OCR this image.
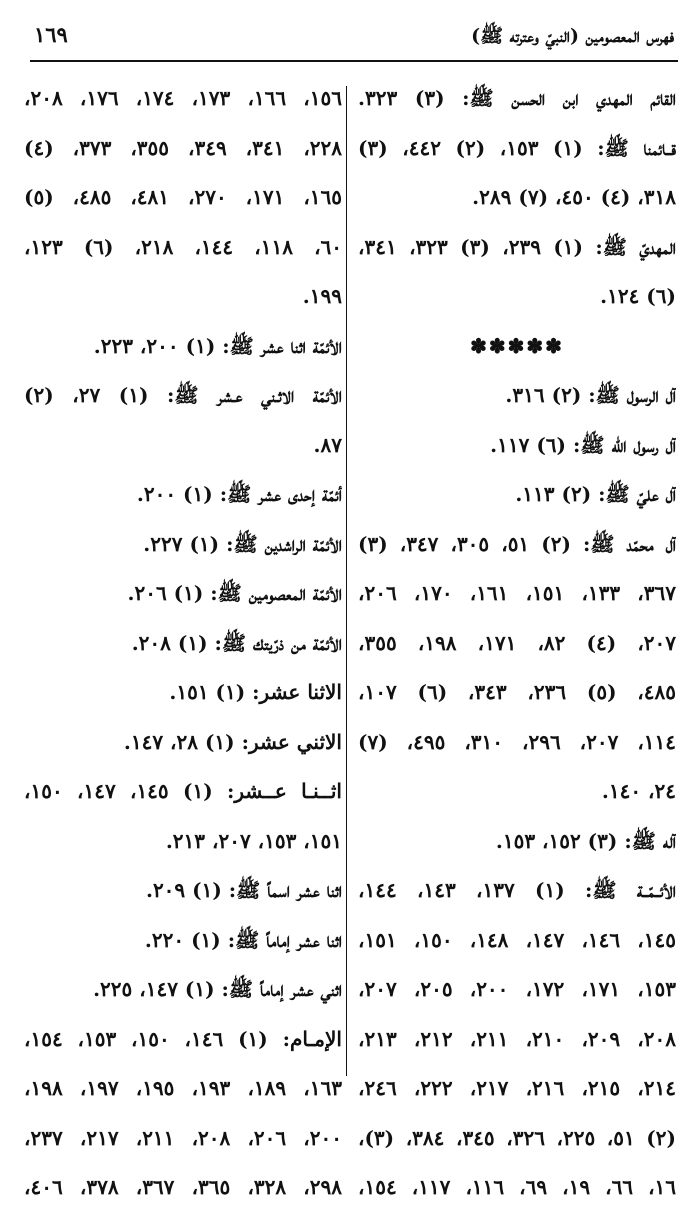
فهرس المعصومين (النبيّ وعترته ﷺ)
١٦٩
القائم المهدي ابن الحسن ﷺ: (٣) ٣٢٣.
قــائمنا ﷺ: (١) ١٥٣، (٢) ٤٤٢، (٣)
٣١٨، (٤) ٤٥٠، (٧) ٢٨٩.
المهديّ ﷺ: (١) ٢٣٩، (٣) ٣٢٣، ٣٤١،
(٦) ١٢٤.
✽✽✽✽✽
آل الرسول ﷺ: (٢) ٣١٦.
آل رسول الله ﷺ: (٦) ١١٧.
آل عليّ ﷺ: (٢) ١١٣.
آل محمّد ﷺ: (٢) ٥١، ٣٠٥، ٣٤٧، (٣)
٣٦٧، ١٣٣، ١٥١، ١٦١، ١٧٠، ٢٠٦،
٢٠٧، (٤) ٨٢، ١٧١، ١٩٨، ٣٥٥،
٤٨٥، (٥) ٢٣٦، ٣٤٣، (٦) ١٠٧،
١١٤، ٢٠٧، ٢٩٦، ٣١٠، ٤٩٥، (٧)
٢٤، ١٤٠.
آله ﷺ: (٣) ١٥٢، ١٥٣.
الأئــمّــة ﷺ: (١) ١٣٧، ١٤٣، ١٤٤،
١٤٥، ١٤٦، ١٤٧، ١٤٨، ١٥٠، ١٥١،
١٥٣، ١٧١، ١٧٢، ٢٠٠، ٢٠٥، ٢٠٧،
٢٠٨، ٢٠٩، ٢١٠، ٢١١، ٢١٢، ٢١٣،
٢١٤، ٢١٥، ٢١٦، ٢١٧، ٢٢٢، ٢٤٦،
(٢) ٥١، ٢٢٥، ٣٢٦، ٣٤٥، ٣٨٤، (٣)،
١٦، ٦٦، ١٩، ٦٩، ١١٦، ١١٧، ١٥٤،
١٥٦، ١٦٦، ١٧٣، ١٧٤، ١٧٦، ٢٠٨،
٢٢٨، ٣٤١، ٣٤٩، ٣٥٥، ٣٧٣، (٤)
١٦٥، ١٧١، ٢٧٠، ٤٨١، ٤٨٥، (٥)
٦٠، ١١٨، ١٤٤، ٢١٨، (٦) ١٢٣،
١٩٩.
الأئمّة اثنا عشر ﷺ: (١) ٢٠٠، ٢٢٣.
الأئمّة الاثـني عـشر ﷺ: (١) ٢٧، (٢)
٨٧.
أئمّة إحدى عشر ﷺ: (١) ٢٠٠.
الأئمّة الراشدين ﷺ: (١) ٢٢٧.
الأئمّة المعصومين ﷺ: (١) ٢٠٦.
الأئمّة من ذرّيتك ﷺ: (١) ٢٠٨.
الاثنا عشر: (١) ١٥١.
الاثني عشر: (١) ٢٨، ١٤٧.
اثــنـا عــشر: (١) ١٤٥، ١٤٧، ١٥٠،
١٥١، ١٥٣، ٢٠٧، ٢١٣.
اثنا عشر اسماً ﷺ: (١) ٢٠٩.
اثنا عشر إماماً ﷺ: (١) ٢٢٠.
اثني عشر إماماً ﷺ: (١) ١٤٧، ٢٢٥.
الإمـام: (١) ١٤٦، ١٥٠، ١٥٣، ١٥٤،
١٦٣، ١٨٩، ١٩٣، ١٩٥، ١٩٧، ١٩٨،
٢٠٠، ٢٠٦، ٢٠٨، ٢١١، ٢١٧، ٢٣٧،
٢٩٨، ٣٢٨، ٣٦٥، ٣٦٧، ٣٧٨، ٤٠٦،
